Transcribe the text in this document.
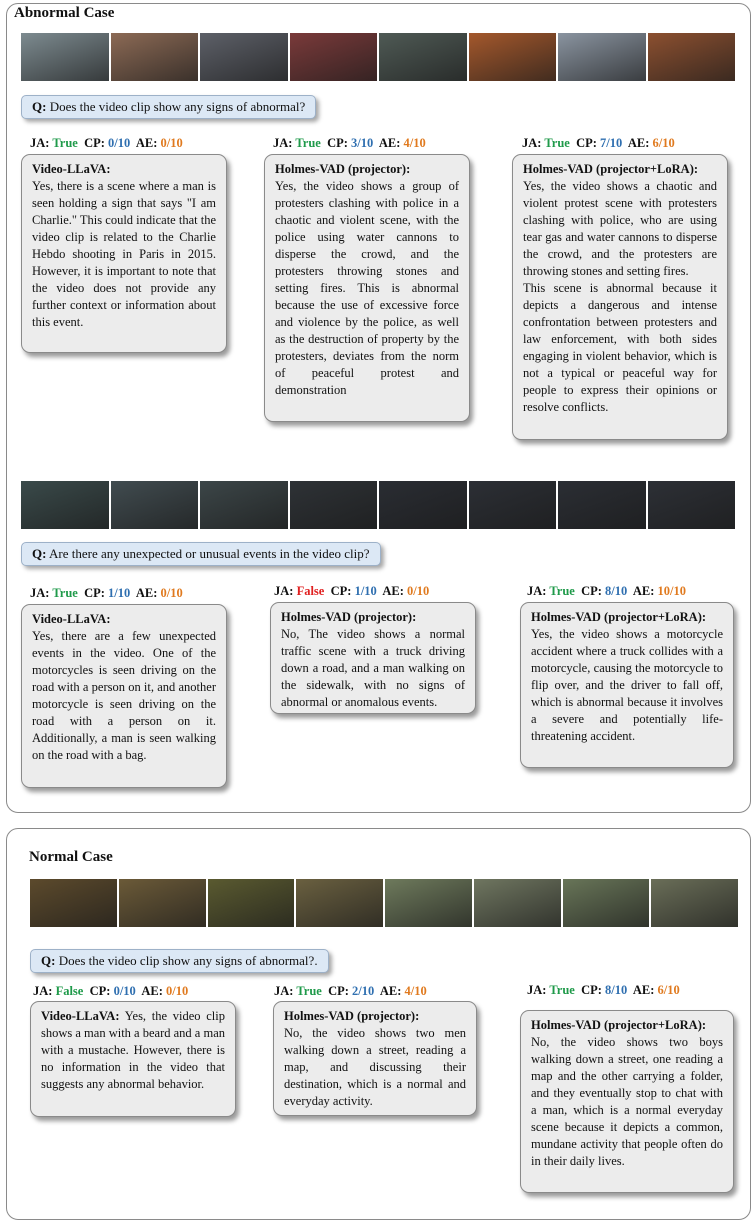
Abnormal Case
Q: Does the video clip show any signs of abnormal?
JA: True CP: 0/10 AE: 0/10

Video-LLaVA:

Yes, there is a scene where a man is seen holding a sign that says "I am Charlie." This could indicate that the video clip is related to the Charlie Hebdo shooting in Paris in 2015. However, it is important to note that the video does not provide any further context or information about this event.

JA: True CP: 3/10 AE: 4/10

Holmes-VAD (projector):

Yes, the video shows a group of protesters clashing with police in a chaotic and violent scene, with the police using water cannons to disperse the crowd, and the protesters throwing stones and setting fires. This is abnormal because the use of excessive force and violence by the police, as well as the destruction of property by the protesters, deviates from the norm of peaceful protest and demonstration

JA: True CP: 7/10 AE: 6/10

Holmes-VAD (projector+LoRA):

Yes, the video shows a chaotic and violent protest scene with protesters clashing with police, who are using tear gas and water cannons to disperse the crowd, and the protesters are throwing stones and setting fires.

This scene is abnormal because it depicts a dangerous and intense confrontation between protesters and law enforcement, with both sides engaging in violent behavior, which is not a typical or peaceful way for people to express their opinions or resolve conflicts.

Q: Are there any unexpected or unusual events in the video clip?
JA: True CP: 1/10 AE: 0/10

Video-LLaVA:

Yes, there are a few unexpected events in the video. One of the motorcycles is seen driving on the road with a person on it, and another motorcycle is seen driving on the road with a person on it. Additionally, a man is seen walking on the road with a bag.

JA: False CP: 1/10 AE: 0/10

Holmes-VAD (projector):

No, The video shows a normal traffic scene with a truck driving down a road, and a man walking on the sidewalk, with no signs of abnormal or anomalous events.

JA: True CP: 8/10 AE: 10/10

Holmes-VAD (projector+LoRA):

Yes, the video shows a motorcycle accident where a truck collides with a motorcycle, causing the motorcycle to flip over, and the driver to fall off, which is abnormal because it involves a severe and potentially life-threatening accident.

Normal Case
Q: Does the video clip show any signs of abnormal?.
JA: False CP: 0/10 AE: 0/10

Video-LLaVA: Yes, the video clip shows a man with a beard and a man with a mustache. However, there is no information in the video that suggests any abnormal behavior.

JA: True CP: 2/10 AE: 4/10

Holmes-VAD (projector):

No, the video shows two men walking down a street, reading a map, and discussing their destination, which is a normal and everyday activity.

JA: True CP: 8/10 AE: 6/10

Holmes-VAD (projector+LoRA):

No, the video shows two boys walking down a street, one reading a map and the other carrying a folder, and they eventually stop to chat with a man, which is a normal everyday scene because it depicts a common, mundane activity that people often do in their daily lives.
